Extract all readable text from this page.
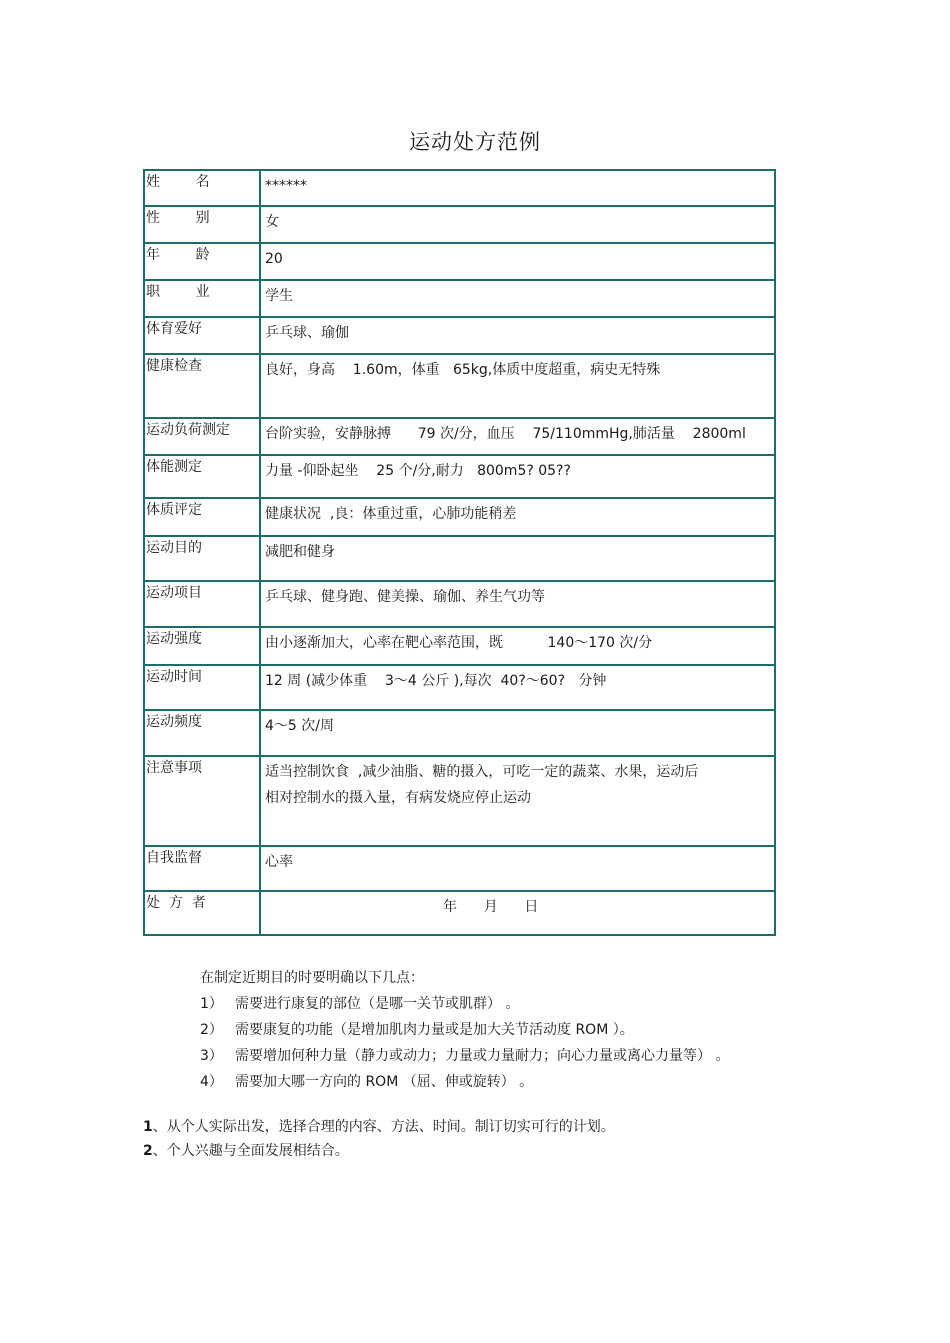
运动处方范例
姓        名	******
性        别	女
年        龄	20
职        业	学生
体育爱好	乒乓球、瑜伽
健康检查	良好，身高    1.60m，体重   65kg,体质中度超重，病史无特殊
运动负荷测定	台阶实验，安静脉搏      79 次/分，血压    75/110mmHg,肺活量    2800ml
体能测定	力量 -仰卧起坐    25 个/分,耐力   800m5? 05??
体质评定	健康状况  ,良：体重过重，心肺功能稍差
运动目的	减肥和健身
运动项目	乒乓球、健身跑、健美操、瑜伽、养生气功等
运动强度	由小逐渐加大，心率在靶心率范围，既          140～170 次/分
运动时间	12 周 (减少体重    3～4 公斤 ),每次  40?～60?   分钟
运动频度	4～5 次/周
注意事项	适当控制饮食  ,减少油脂、糖的摄入，可吃一定的蔬菜、水果，运动后
相对控制水的摄入量，有病发烧应停止运动
自我监督	心率
处  方  者	年      月      日
在制定近期目的时要明确以下几点：
1） 需要进行康复的部位（是哪一关节或肌群） 。
2） 需要康复的功能（是增加肌肉力量或是加大关节活动度 ROM ）。
3） 需要增加何种力量（静力或动力；力量或力量耐力；向心力量或离心力量等） 。
4） 需要加大哪一方向的 ROM （屈、伸或旋转） 。
1、从个人实际出发，选择合理的内容、方法、时间。制订切实可行的计划。
2、个人兴趣与全面发展相结合。
